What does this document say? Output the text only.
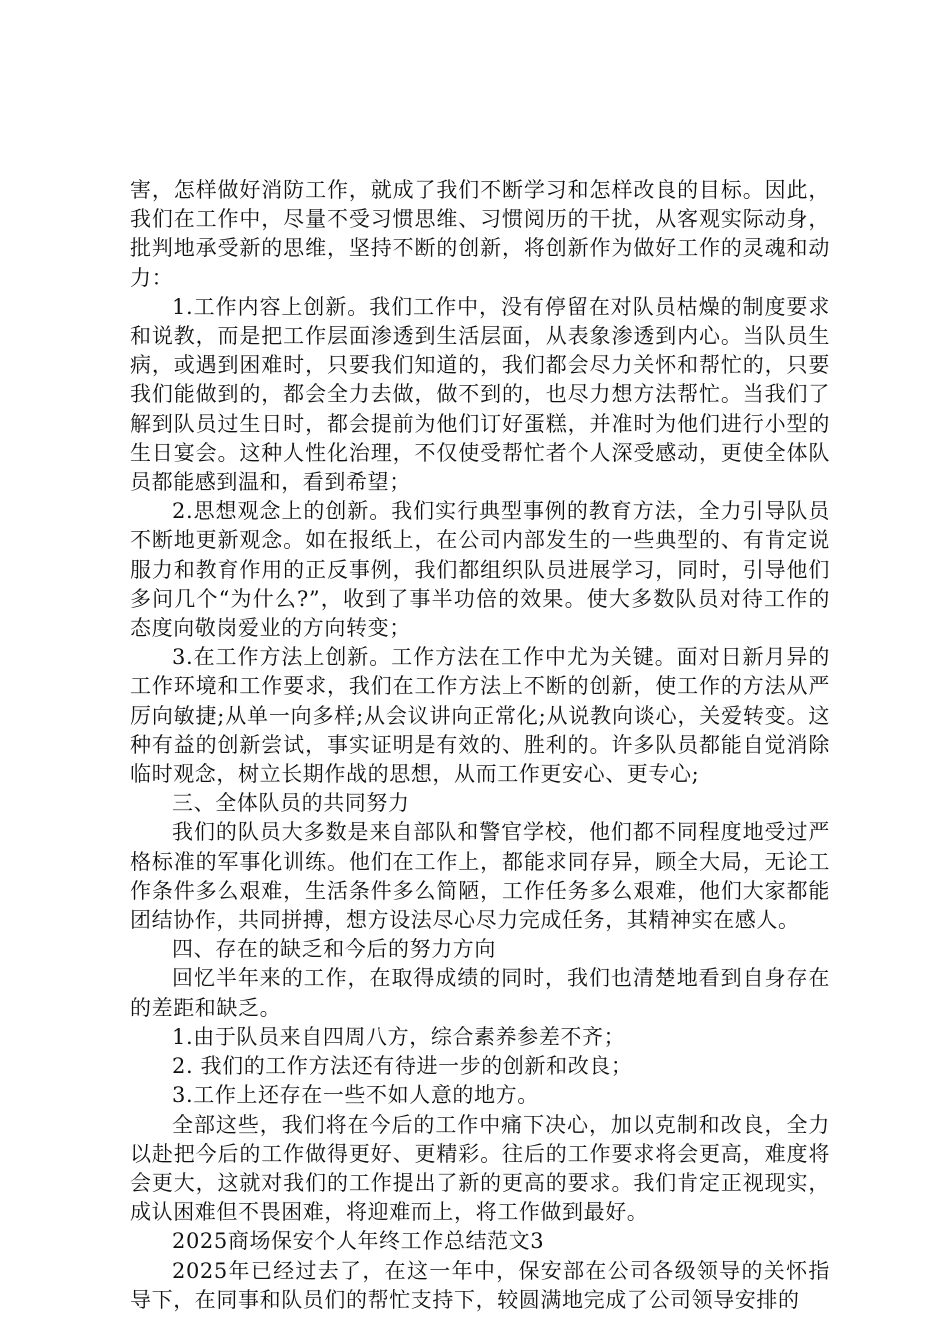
害，怎样做好消防工作，就成了我们不断学习和怎样改良的目标。因此，我们在工作中，尽量不受习惯思维、习惯阅历的干扰，从客观实际动身，批判地承受新的思维，坚持不断的创新，将创新作为做好工作的灵魂和动力：

1.工作内容上创新。我们工作中，没有停留在对队员枯燥的制度要求和说教，而是把工作层面渗透到生活层面，从表象渗透到内心。当队员生病，或遇到困难时，只要我们知道的，我们都会尽力关怀和帮忙的，只要我们能做到的，都会全力去做，做不到的，也尽力想方法帮忙。当我们了解到队员过生日时，都会提前为他们订好蛋糕，并准时为他们进行小型的生日宴会。这种人性化治理，不仅使受帮忙者个人深受感动，更使全体队员都能感到温和，看到希望；

2.思想观念上的创新。我们实行典型事例的教育方法，全力引导队员不断地更新观念。如在报纸上，在公司内部发生的一些典型的、有肯定说服力和教育作用的正反事例，我们都组织队员进展学习，同时，引导他们多问几个“为什么?”，收到了事半功倍的效果。使大多数队员对待工作的态度向敬岗爱业的方向转变；

3.在工作方法上创新。工作方法在工作中尤为关键。面对日新月异的工作环境和工作要求，我们在工作方法上不断的创新，使工作的方法从严厉向敏捷;从单一向多样;从会议讲向正常化;从说教向谈心，关爱转变。这种有益的创新尝试，事实证明是有效的、胜利的。许多队员都能自觉消除临时观念，树立长期作战的思想，从而工作更安心、更专心;

三、全体队员的共同努力

我们的队员大多数是来自部队和警官学校，他们都不同程度地受过严格标准的军事化训练。他们在工作上，都能求同存异，顾全大局，无论工作条件多么艰难，生活条件多么简陋，工作任务多么艰难，他们大家都能团结协作，共同拼搏，想方设法尽心尽力完成任务，其精神实在感人。

四、存在的缺乏和今后的努力方向

回忆半年来的工作，在取得成绩的同时，我们也清楚地看到自身存在的差距和缺乏。

1.由于队员来自四周八方，综合素养参差不齐；

2. 我们的工作方法还有待进一步的创新和改良；

3.工作上还存在一些不如人意的地方。

全部这些，我们将在今后的工作中痛下决心，加以克制和改良，全力以赴把今后的工作做得更好、更精彩。往后的工作要求将会更高，难度将会更大，这就对我们的工作提出了新的更高的要求。我们肯定正视现实，成认困难但不畏困难，将迎难而上，将工作做到最好。

2025商场保安个人年终工作总结范文3

2025年已经过去了，在这一年中，保安部在公司各级领导的关怀指导下，在同事和队员们的帮忙支持下，较圆满地完成了公司领导安排的
